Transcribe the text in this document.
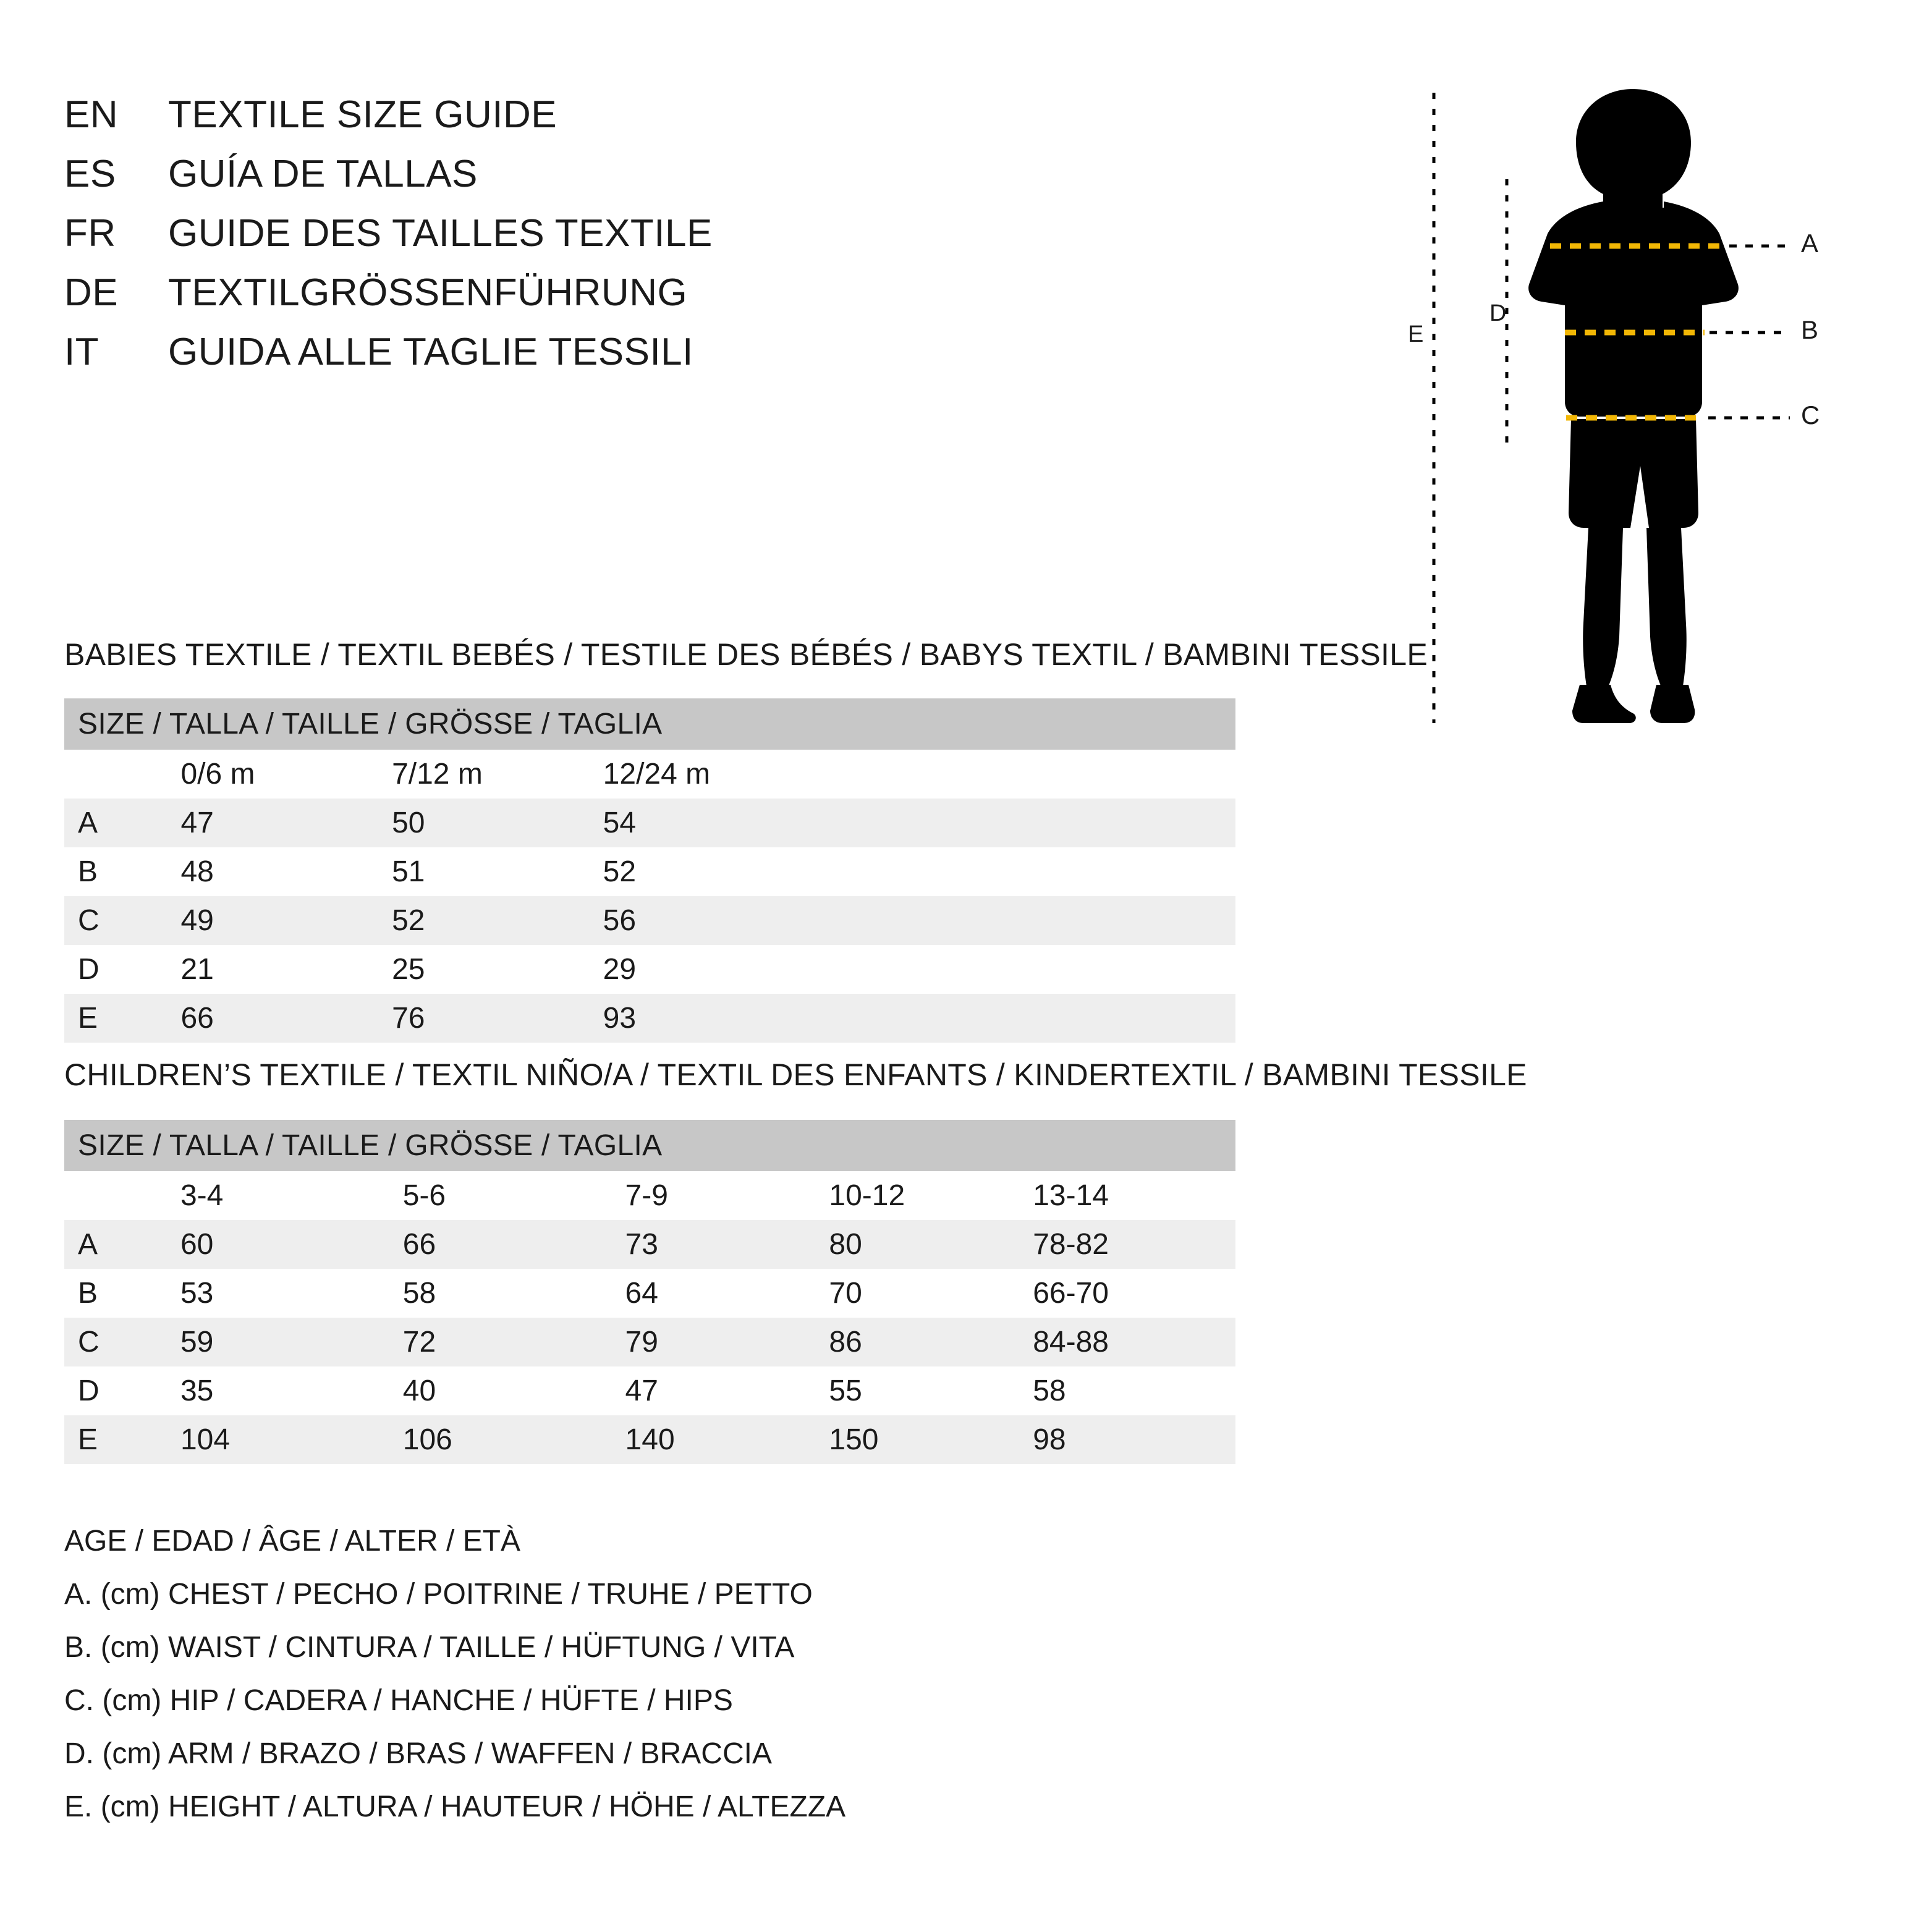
EN	TEXTILE SIZE GUIDE
ES	GUÍA DE TALLAS
FR	GUIDE DES TAILLES TEXTILE
DE	TEXTILGRÖSSENFÜHRUNG
IT	GUIDA ALLE TAGLIE TESSILI
A
B
C
D
E
BABIES TEXTILE / TEXTIL BEBÉS / TESTILE DES BÉBÉS / BABYS TEXTIL / BAMBINI TESSILE
SIZE / TALLA / TAILLE / GRÖSSE / TAGLIA			
	0/6 m	7/12 m	12/24 m
A	47	50	54
B	48	51	52
C	49	52	56
D	21	25	29
E	66	76	93
CHILDREN’S TEXTILE / TEXTIL NIÑO/A / TEXTIL DES ENFANTS / KINDERTEXTIL / BAMBINI TESSILE
SIZE / TALLA / TAILLE / GRÖSSE / TAGLIA					
	3-4	5-6	7-9	10-12	13-14
A	60	66	73	80	78-82
B	53	58	64	70	66-70
C	59	72	79	86	84-88
D	35	40	47	55	58
E	104	106	140	150	98
AGE / EDAD / ÂGE / ALTER / ETÀ
A. (cm) CHEST / PECHO / POITRINE / TRUHE / PETTO
B. (cm) WAIST / CINTURA / TAILLE / HÜFTUNG / VITA
C. (cm) HIP / CADERA / HANCHE / HÜFTE / HIPS
D. (cm) ARM / BRAZO / BRAS / WAFFEN / BRACCIA
E. (cm) HEIGHT / ALTURA / HAUTEUR / HÖHE / ALTEZZA
